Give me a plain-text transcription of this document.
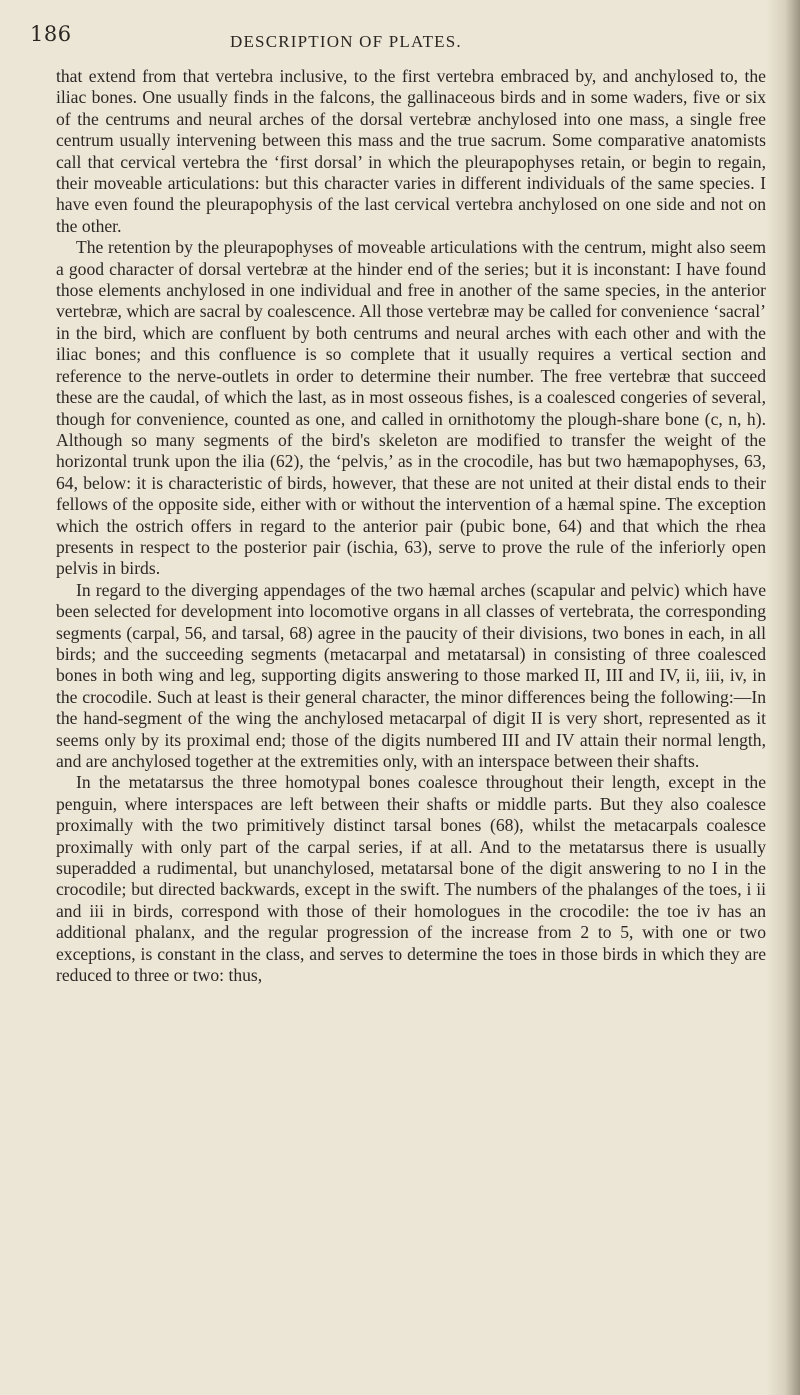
186	DESCRIPTION OF PLATES.

that extend from that vertebra inclusive, to the first vertebra embraced by, and anchylosed to, the iliac bones. One usually finds in the falcons, the gallinaceous birds and in some waders, five or six of the centrums and neural arches of the dorsal vertebræ anchylosed into one mass, a single free centrum usually intervening between this mass and the true sacrum. Some comparative anatomists call that cervical vertebra the ‘first dorsal’ in which the pleurapophyses retain, or begin to regain, their moveable articulations: but this character varies in different individuals of the same species. I have even found the pleurapophysis of the last cervical vertebra anchylosed on one side and not on the other.

The retention by the pleurapophyses of moveable articulations with the centrum, might also seem a good character of dorsal vertebræ at the hinder end of the series; but it is inconstant: I have found those elements anchylosed in one individual and free in another of the same species, in the anterior vertebræ, which are sacral by coalescence. All those vertebræ may be called for convenience ‘sacral’ in the bird, which are confluent by both centrums and neural arches with each other and with the iliac bones; and this confluence is so complete that it usually requires a vertical section and reference to the nerve-outlets in order to determine their number. The free vertebræ that succeed these are the caudal, of which the last, as in most osseous fishes, is a coalesced congeries of several, though for convenience, counted as one, and called in ornithotomy the plough-share bone (c, n, h). Although so many segments of the bird's skeleton are modified to transfer the weight of the horizontal trunk upon the ilia (62), the ‘pelvis,’ as in the crocodile, has but two hæmapophyses, 63, 64, below: it is characteristic of birds, however, that these are not united at their distal ends to their fellows of the opposite side, either with or without the intervention of a hæmal spine. The exception which the ostrich offers in regard to the anterior pair (pubic bone, 64) and that which the rhea presents in respect to the posterior pair (ischia, 63), serve to prove the rule of the inferiorly open pelvis in birds.

In regard to the diverging appendages of the two hæmal arches (scapular and pelvic) which have been selected for development into locomotive organs in all classes of vertebrata, the corresponding segments (carpal, 56, and tarsal, 68) agree in the paucity of their divisions, two bones in each, in all birds; and the succeeding segments (metacarpal and metatarsal) in consisting of three coalesced bones in both wing and leg, supporting digits answering to those marked II, III and IV, ii, iii, iv, in the crocodile. Such at least is their general character, the minor differences being the following:—In the hand-segment of the wing the anchylosed metacarpal of digit II is very short, represented as it seems only by its proximal end; those of the digits numbered III and IV attain their normal length, and are anchylosed together at the extremities only, with an interspace between their shafts.

In the metatarsus the three homotypal bones coalesce throughout their length, except in the penguin, where interspaces are left between their shafts or middle parts. But they also coalesce proximally with the two primitively distinct tarsal bones (68), whilst the metacarpals coalesce proximally with only part of the carpal series, if at all. And to the metatarsus there is usually superadded a rudimental, but unanchylosed, metatarsal bone of the digit answering to no I in the crocodile; but directed backwards, except in the swift. The numbers of the phalanges of the toes, i ii and iii in birds, correspond with those of their homologues in the crocodile: the toe iv has an additional phalanx, and the regular progression of the increase from 2 to 5, with one or two exceptions, is constant in the class, and serves to determine the toes in those birds in which they are reduced to three or two: thus,
